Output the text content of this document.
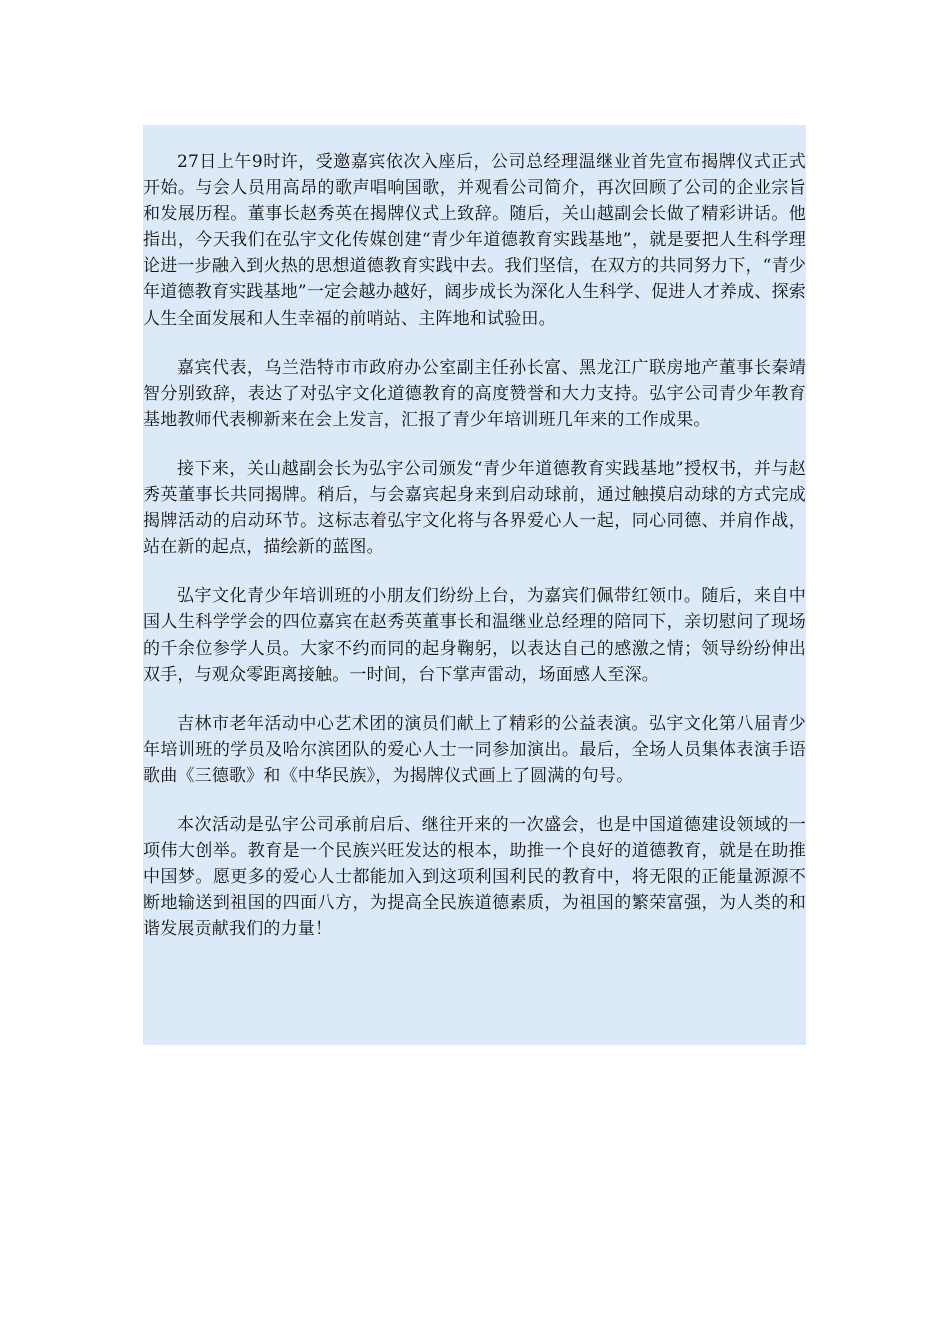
27日上午9时许，受邀嘉宾依次入座后，公司总经理温继业首先宣布揭牌仪式正式开始。与会人员用高昂的歌声唱响国歌，并观看公司简介，再次回顾了公司的企业宗旨和发展历程。董事长赵秀英在揭牌仪式上致辞。随后，关山越副会长做了精彩讲话。他指出，今天我们在弘宇文化传媒创建“青少年道德教育实践基地”，就是要把人生科学理论进一步融入到火热的思想道德教育实践中去。我们坚信，在双方的共同努力下，“青少年道德教育实践基地”一定会越办越好，阔步成长为深化人生科学、促进人才养成、探索人生全面发展和人生幸福的前哨站、主阵地和试验田。

嘉宾代表，乌兰浩特市市政府办公室副主任孙长富、黑龙江广联房地产董事长秦靖智分别致辞，表达了对弘宇文化道德教育的高度赞誉和大力支持。弘宇公司青少年教育基地教师代表柳新来在会上发言，汇报了青少年培训班几年来的工作成果。

接下来，关山越副会长为弘宇公司颁发“青少年道德教育实践基地”授权书，并与赵秀英董事长共同揭牌。稍后，与会嘉宾起身来到启动球前，通过触摸启动球的方式完成揭牌活动的启动环节。这标志着弘宇文化将与各界爱心人一起，同心同德、并肩作战，站在新的起点，描绘新的蓝图。

弘宇文化青少年培训班的小朋友们纷纷上台，为嘉宾们佩带红领巾。随后，来自中国人生科学学会的四位嘉宾在赵秀英董事长和温继业总经理的陪同下，亲切慰问了现场的千余位参学人员。大家不约而同的起身鞠躬，以表达自己的感激之情；领导纷纷伸出双手，与观众零距离接触。一时间，台下掌声雷动，场面感人至深。

吉林市老年活动中心艺术团的演员们献上了精彩的公益表演。弘宇文化第八届青少年培训班的学员及哈尔滨团队的爱心人士一同参加演出。最后，全场人员集体表演手语歌曲《三德歌》和《中华民族》，为揭牌仪式画上了圆满的句号。

本次活动是弘宇公司承前启后、继往开来的一次盛会，也是中国道德建设领域的一项伟大创举。教育是一个民族兴旺发达的根本，助推一个良好的道德教育，就是在助推中国梦。愿更多的爱心人士都能加入到这项利国利民的教育中，将无限的正能量源源不断地输送到祖国的四面八方，为提高全民族道德素质，为祖国的繁荣富强，为人类的和谐发展贡献我们的力量！
